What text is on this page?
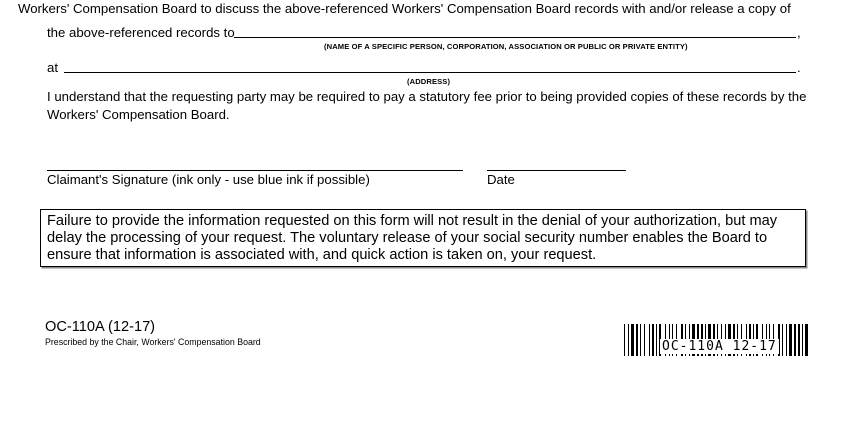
Workers' Compensation Board to discuss the above-referenced Workers' Compensation Board records with and/or release a copy of
the above-referenced records to	,
(NAME OF A SPECIFIC PERSON, CORPORATION, ASSOCIATION OR PUBLIC OR PRIVATE ENTITY)
at	.
(ADDRESS)
I understand that the requesting party may be required to pay a statutory fee prior to being provided copies of these records by the
Workers' Compensation Board.
Claimant's Signature (ink only - use blue ink if possible)	Date
Failure to provide the information requested on this form will not result in the denial of your authorization, but may delay the processing of your request. The voluntary release of your social security number enables the Board to ensure that information is associated with, and quick action is taken on, your request.
OC-110A (12-17)
Prescribed by the Chair, Workers' Compensation Board	OC-110A 12-17
